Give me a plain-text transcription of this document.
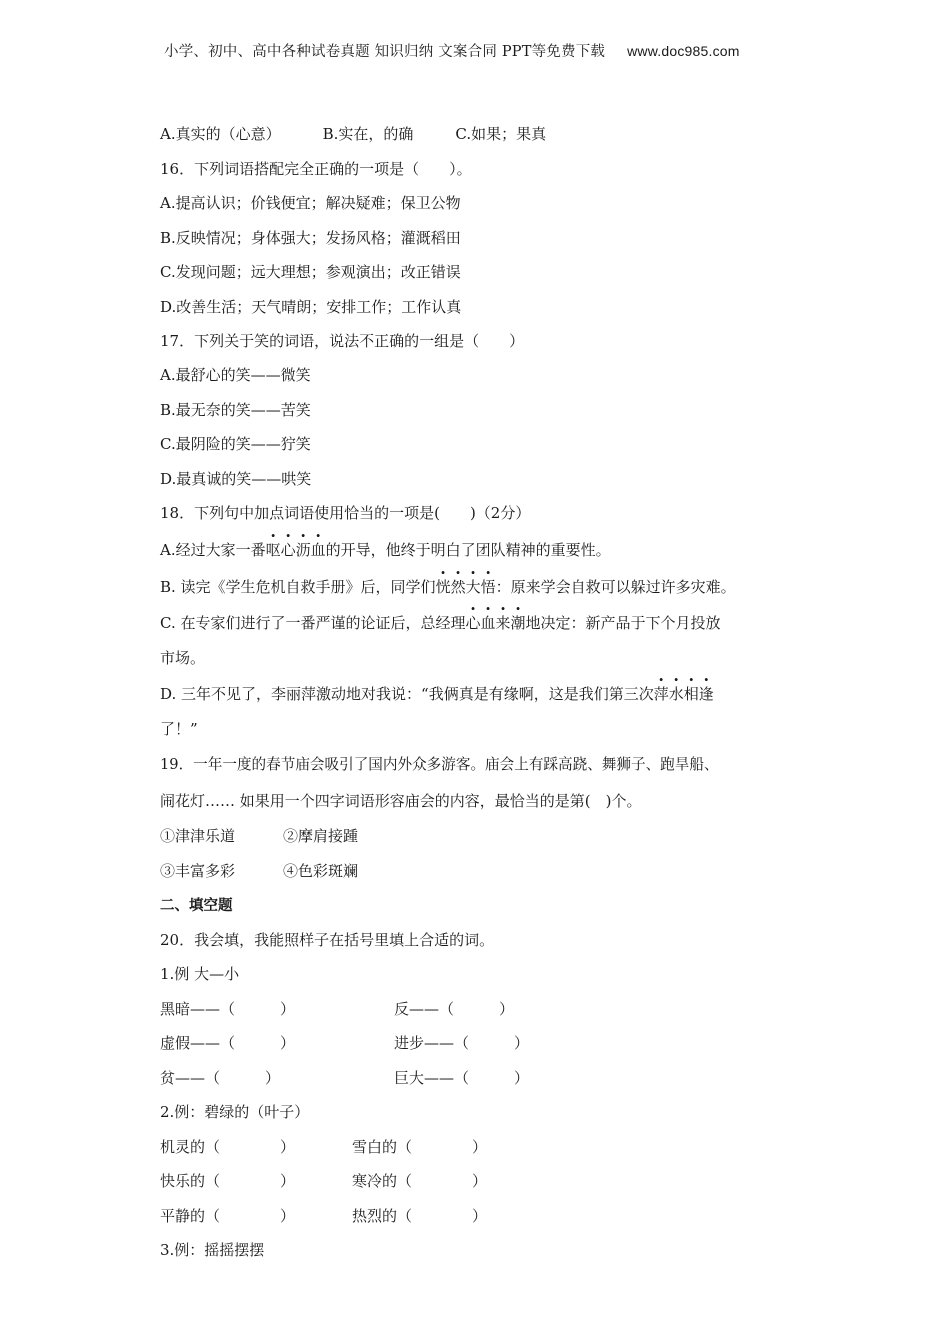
小学、初中、高中各种试卷真题 知识归纳 文案合同 PPT等免费下载 www.doc985.com
A.真实的（心意）	B.实在，的确	C.如果；果真
16．下列词语搭配完全正确的一项是（　　）。
A.提高认识；价钱便宜；解决疑难；保卫公物
B.反映情况；身体强大；发扬风格；灌溉稻田
C.发现问题；远大理想；参观演出；改正错误
D.改善生活；天气晴朗；安排工作；工作认真
17．下列关于笑的词语，说法不正确的一组是（　　）
A.最舒心的笑——微笑
B.最无奈的笑——苦笑
C.最阴险的笑——狞笑
D.最真诚的笑——哄笑
18．下列句中加点词语使用恰当的一项是(　　)（2分）
A.经过大家一番呕心沥血的开导，他终于明白了团队精神的重要性。
B. 读完《学生危机自救手册》后，同学们恍然大悟：原来学会自救可以躲过许多灾难。
C. 在专家们进行了一番严谨的论证后，总经理心血来潮地决定：新产品于下个月投放
市场。
D. 三年不见了，李丽萍激动地对我说：“我俩真是有缘啊，这是我们第三次萍水相逢
了！”
19．一年一度的春节庙会吸引了国内外众多游客。庙会上有踩高跷、舞狮子、跑旱船、
闹花灯…… 如果用一个四字词语形容庙会的内容，最恰当的是第(　)个。
①津津乐道	②摩肩接踵
③丰富多彩	④色彩斑斓
二、填空题
20．我会填，我能照样子在括号里填上合适的词。
1.例 大—小
黑暗——（　　　）	反——（　　　）
虚假——（　　　）	进步——（　　　）
贫——（　　　）	巨大——（　　　）
2.例：碧绿的（叶子）
机灵的（　　　　）	雪白的（　　　　）
快乐的（　　　　）	寒冷的（　　　　）
平静的（　　　　）	热烈的（　　　　）
3.例：摇摇摆摆
